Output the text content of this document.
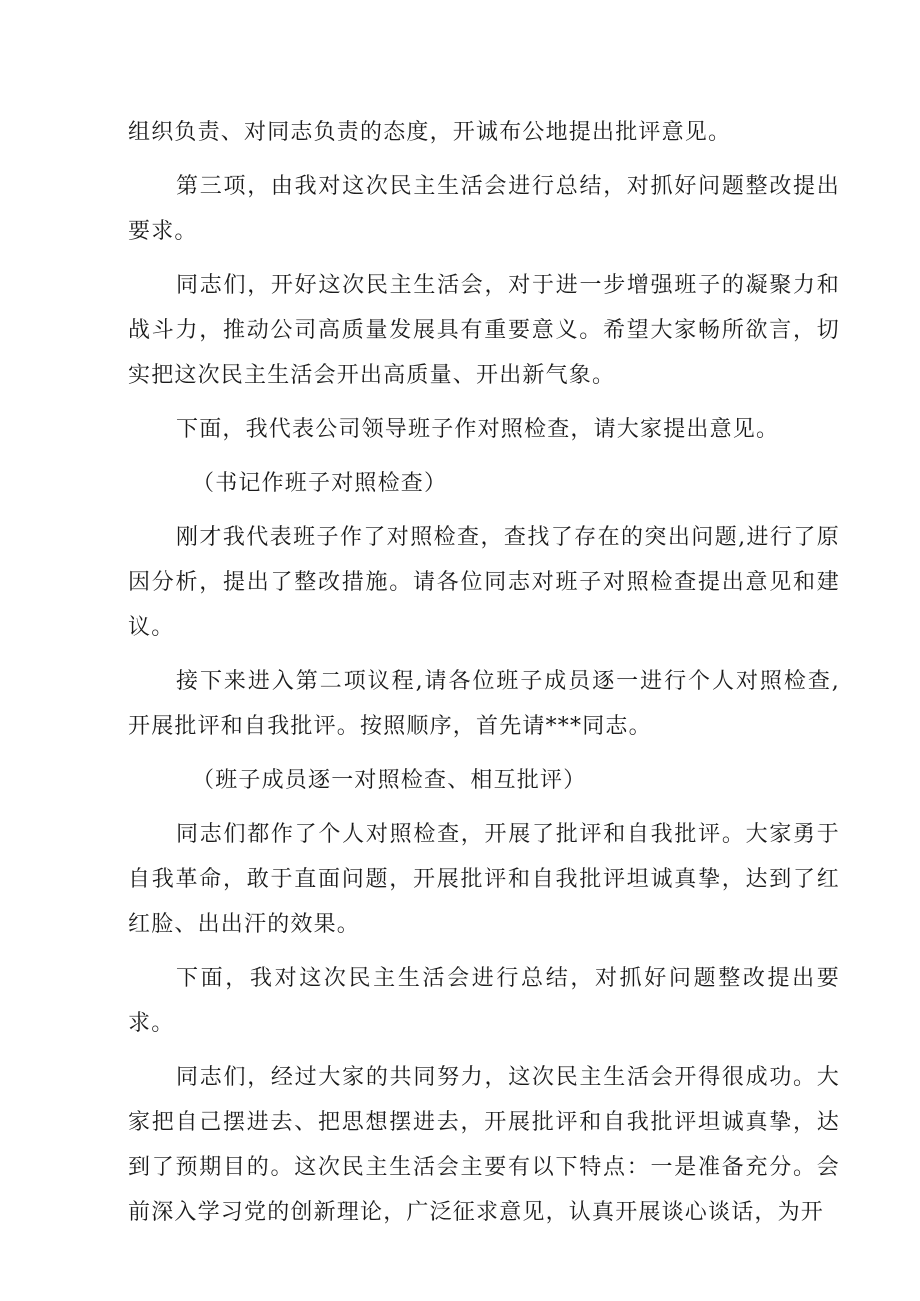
组织负责、对同志负责的态度，开诚布公地提出批评意见。

第三项，由我对这次民主生活会进行总结，对抓好问题整改提出要求。

同志们，开好这次民主生活会，对于进一步增强班子的凝聚力和战斗力，推动公司高质量发展具有重要意义。希望大家畅所欲言，切实把这次民主生活会开出高质量、开出新气象。

下面，我代表公司领导班子作对照检查，请大家提出意见。

（书记作班子对照检查）

刚才我代表班子作了对照检查，查找了存在的突出问题,进行了原因分析，提出了整改措施。请各位同志对班子对照检查提出意见和建议。

接下来进入第二项议程,请各位班子成员逐一进行个人对照检查,开展批评和自我批评。按照顺序，首先请***同志。

（班子成员逐一对照检查、相互批评）

同志们都作了个人对照检查，开展了批评和自我批评。大家勇于自我革命，敢于直面问题，开展批评和自我批评坦诚真挚，达到了红红脸、出出汗的效果。

下面，我对这次民主生活会进行总结，对抓好问题整改提出要求。

同志们，经过大家的共同努力，这次民主生活会开得很成功。大家把自己摆进去、把思想摆进去，开展批评和自我批评坦诚真挚，达到了预期目的。这次民主生活会主要有以下特点：一是准备充分。会前深入学习党的创新理论，广泛征求意见，认真开展谈心谈话，为开
